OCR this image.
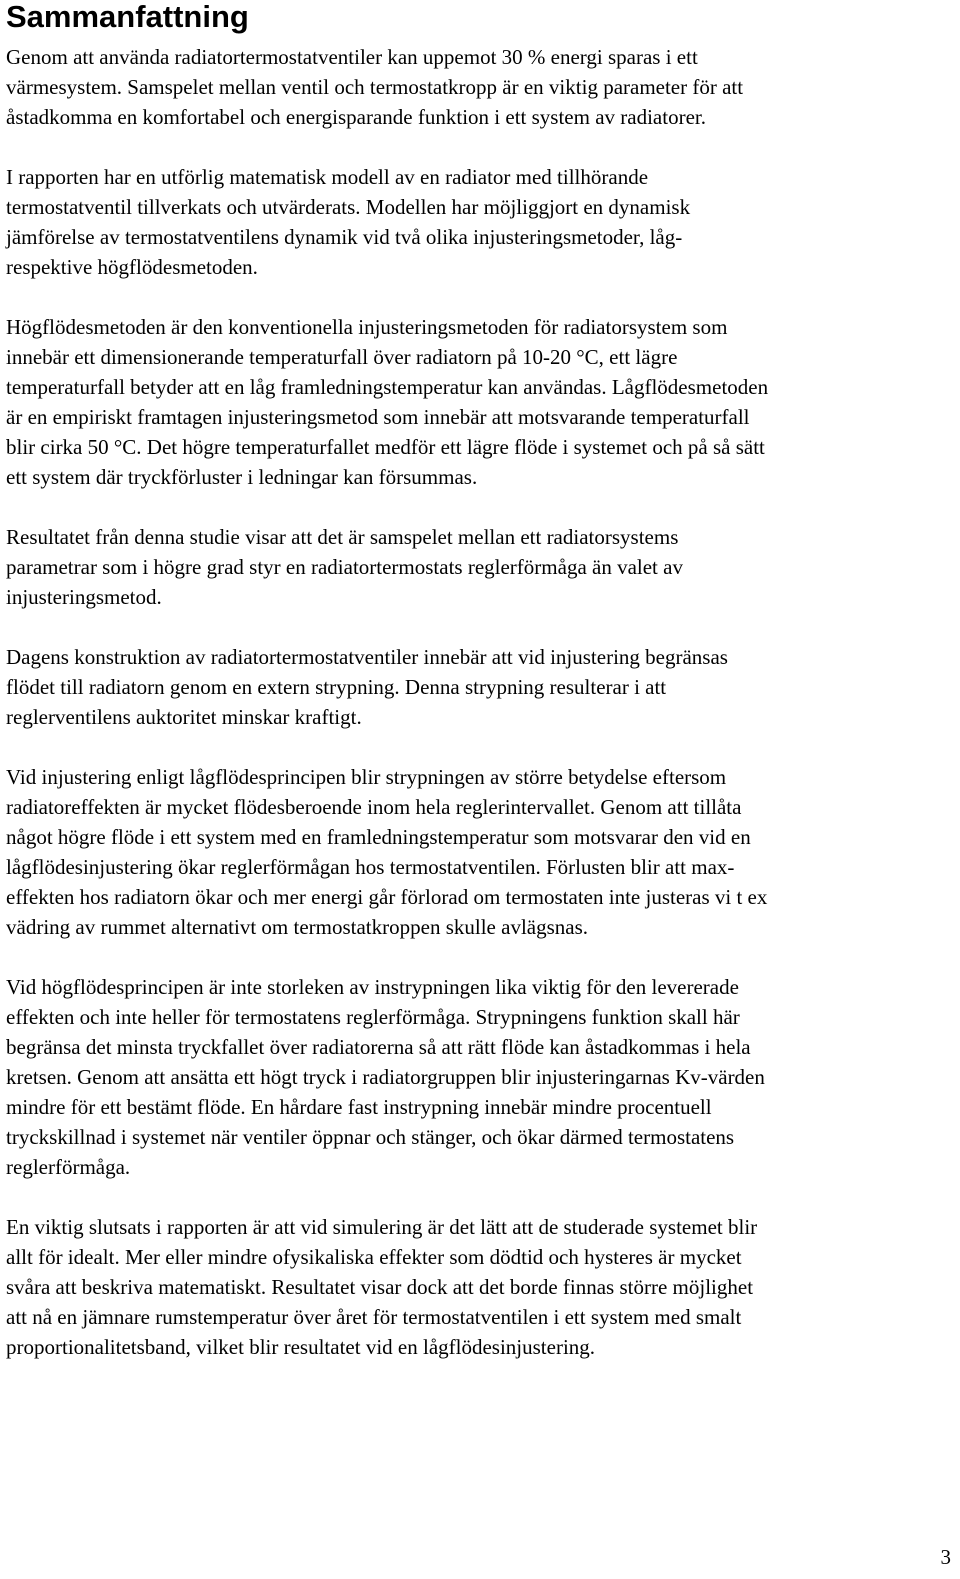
Sammanfattning

Genom att använda radiatortermostatventiler kan uppemot 30 % energi sparas i ett
värmesystem. Samspelet mellan ventil och termostatkropp är en viktig parameter för att
åstadkomma en komfortabel och energisparande funktion i ett system av radiatorer.

I rapporten har en utförlig matematisk modell av en radiator med tillhörande
termostatventil tillverkats och utvärderats. Modellen har möjliggjort en dynamisk
jämförelse av termostatventilens dynamik vid två olika injusteringsmetoder, låg-
respektive högflödesmetoden.

Högflödesmetoden är den konventionella injusteringsmetoden för radiatorsystem som
innebär ett dimensionerande temperaturfall över radiatorn på 10-20 °C, ett lägre
temperaturfall betyder att en låg framledningstemperatur kan användas. Lågflödesmetoden
är en empiriskt framtagen injusteringsmetod som innebär att motsvarande temperaturfall
blir cirka 50 °C. Det högre temperaturfallet medför ett lägre flöde i systemet och på så sätt
ett system där tryckförluster i ledningar kan försummas.

Resultatet från denna studie visar att det är samspelet mellan ett radiatorsystems
parametrar som i högre grad styr en radiatortermostats reglerförmåga än valet av
injusteringsmetod.

Dagens konstruktion av radiatortermostatventiler innebär att vid injustering begränsas
flödet till radiatorn genom en extern strypning. Denna strypning resulterar i att
reglerventilens auktoritet minskar kraftigt.

Vid injustering enligt lågflödesprincipen blir strypningen av större betydelse eftersom
radiatoreffekten är mycket flödesberoende inom hela reglerintervallet. Genom att tillåta
något högre flöde i ett system med en framledningstemperatur som motsvarar den vid en
lågflödesinjustering ökar reglerförmågan hos termostatventilen. Förlusten blir att max-
effekten hos radiatorn ökar och mer energi går förlorad om termostaten inte justeras vi t ex
vädring av rummet alternativt om termostatkroppen skulle avlägsnas.

Vid högflödesprincipen är inte storleken av instrypningen lika viktig för den levererade
effekten och inte heller för termostatens reglerförmåga. Strypningens funktion skall här
begränsa det minsta tryckfallet över radiatorerna så att rätt flöde kan åstadkommas i hela
kretsen. Genom att ansätta ett högt tryck i radiatorgruppen blir injusteringarnas Kv-värden
mindre för ett bestämt flöde. En hårdare fast instrypning innebär mindre procentuell
tryckskillnad i systemet när ventiler öppnar och stänger, och ökar därmed termostatens
reglerförmåga.

En viktig slutsats i rapporten är att vid simulering är det lätt att de studerade systemet blir
allt för idealt. Mer eller mindre ofysikaliska effekter som dödtid och hysteres är mycket
svåra att beskriva matematiskt. Resultatet visar dock att det borde finnas större möjlighet
att nå en jämnare rumstemperatur över året för termostatventilen i ett system med smalt
proportionalitetsband, vilket blir resultatet vid en lågflödesinjustering.

3
